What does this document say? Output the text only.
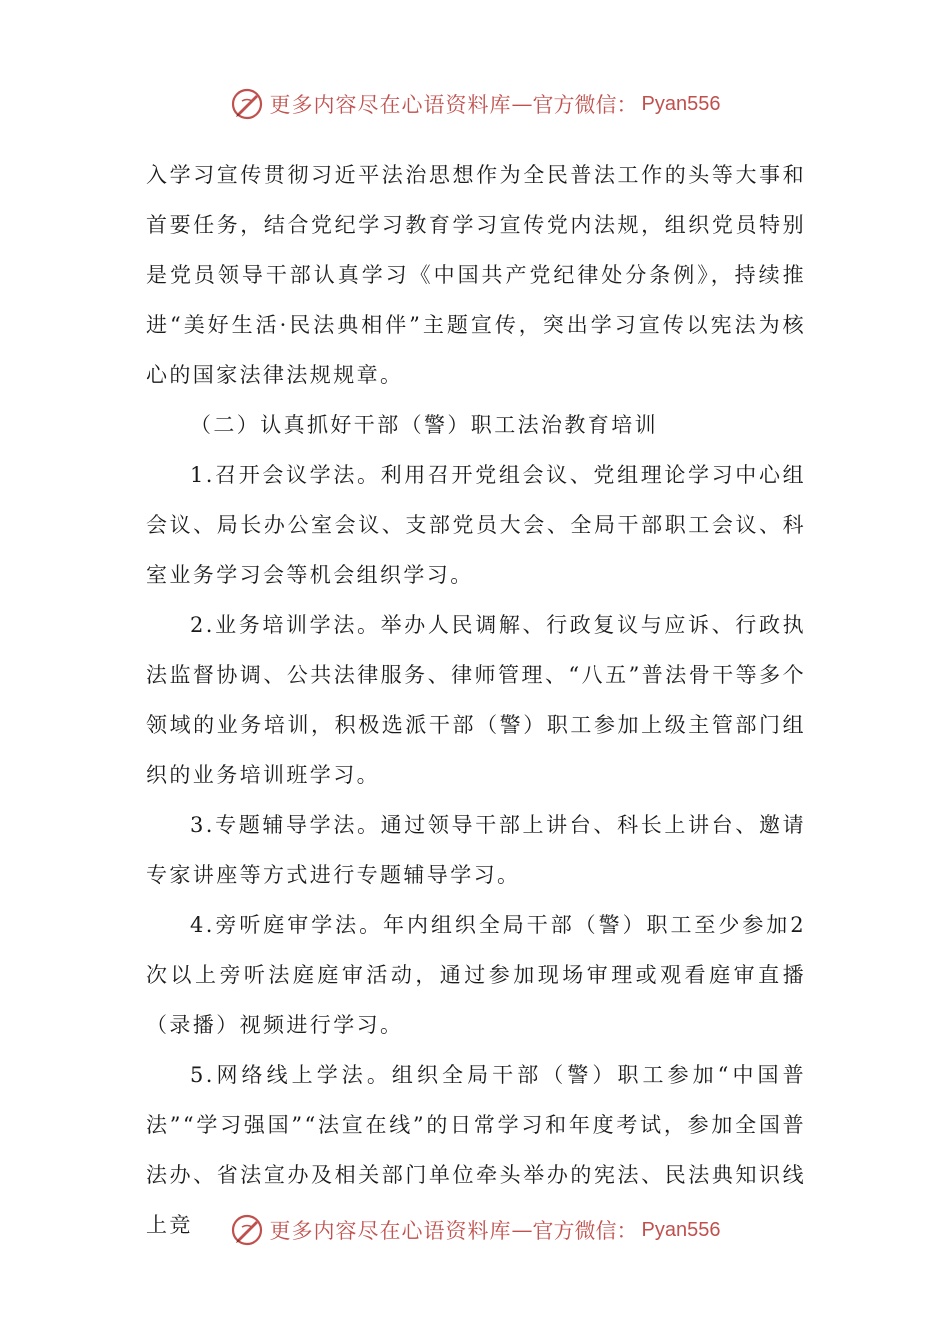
更多内容尽在心语资料库 — 官方微信： Pyan556

入学习宣传贯彻习近平法治思想作为全民普法工作的头等大事和首要任务，结合党纪学习教育学习宣传党内法规，组织党员特别是党员领导干部认真学习《中国共产党纪律处分条例》，持续推进“美好生活·民法典相伴”主题宣传，突出学习宣传以宪法为核心的国家法律法规规章。

（二）认真抓好干部（警）职工法治教育培训

1.召开会议学法。利用召开党组会议、党组理论学习中心组会议、局长办公室会议、支部党员大会、全局干部职工会议、科室业务学习会等机会组织学习。

2.业务培训学法。举办人民调解、行政复议与应诉、行政执法监督协调、公共法律服务、律师管理、“八五”普法骨干等多个领域的业务培训，积极选派干部（警）职工参加上级主管部门组织的业务培训班学习。

3.专题辅导学法。通过领导干部上讲台、科长上讲台、邀请专家讲座等方式进行专题辅导学习。

4.旁听庭审学法。年内组织全局干部（警）职工至少参加2次以上旁听法庭庭审活动，通过参加现场审理或观看庭审直播（录播）视频进行学习。

5.网络线上学法。组织全局干部（警）职工参加“中国普法”“学习强国”“法宣在线”的日常学习和年度考试，参加全国普法办、省法宣办及相关部门单位牵头举办的宪法、民法典知识线上竞	更多内容尽在心语资料库 — 官方微信： Pyan556
